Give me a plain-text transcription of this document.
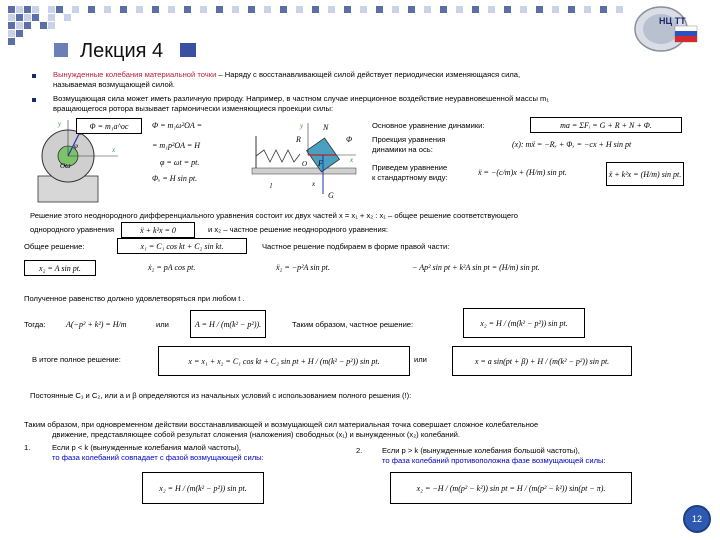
Лекция 4
НЦ ТТ
Вынужденные колебания материальной точки – Наряду с восстанавливающей силой действует периодически изменяющаяся сила,
называемая возмущающей силой.
Возмущающая сила может иметь различную природу. Например, в частном случае инерционное воздействие неуравновешенной массы m₁
вращающегося ротора вызывает гармонически изменяющиеся проекции силы:
O ω
y
x
φ
Φ = m₁a^ос	Φ = m₁ω²OA =
= m₁p²OA = H
φ = ωt = pt.
Φₓ = H sin pt.
N
R	Φ
F
G
O
y
x
l	x
Основное уравнение динамики:	ma = ΣFᵢ = G + R + N + Φ.
Проекция уравнения
динамики на ось:
(x): mẍ = −Rₓ + Φₓ = −cx + H sin pt
Приведем уравнение
к стандартному виду:
ẍ = −(c/m)x + (H/m) sin pt.	ẍ + k²x = (H/m) sin pt.
Решение этого неоднородного дифференциального уравнения состоит их двух частей x = x₁ + x₂ : x₁ – общее решение соответствующего
однородного уравнения	ẍ + k²x = 0	и x₂ – частное решение неоднородного уравнения:
Общее решение:	x₁ = C₁ cos kt + C₂ sin kt.	Частное решение подбираем в форме правой части:
x₂ = A sin pt.	ẋ₂ = pA cos pt.	ẍ₂ = −p²A sin pt.	− Ap² sin pt + k²A sin pt = (H/m) sin pt.
Полученное равенство должно удовлетворяться при любом t .
Тогда:	A(−p² + k²) = H/m	или	A = H / (m(k² − p²)).	Таким образом, частное решение:	x₂ = H / (m(k² − p²)) sin pt.
В итоге полное решение:	x = x₁ + x₂ = C₁ cos kt + C₂ sin pt + H / (m(k² − p²)) sin pt.	или	x = a sin(pt + β) + H / (m(k² − p²)) sin pt.
Постоянные C₁ и C₂, или a и β определяются из начальных условий с использованием полного решения (!):
Таким образом, при одновременном действии восстанавливающей и возмущающей сил материальная точка совершает сложное колебательное
движение, представляющее собой результат сложения (наложения) свободных (x₁) и вынужденных (x₂) колебаний.
1.	Если p < k (вынужденные колебания малой частоты),
то фаза колебаний совпадает с фазой возмущающей силы:
x₂ = H / (m(k² − p²)) sin pt.
2.	Если p > k (вынужденные колебания большой частоты),
то фаза колебаний противоположна фазе возмущающей силы:
x₂ = −H / (m(p² − k²)) sin pt = H / (m(p² − k²)) sin(pt − π).
12
